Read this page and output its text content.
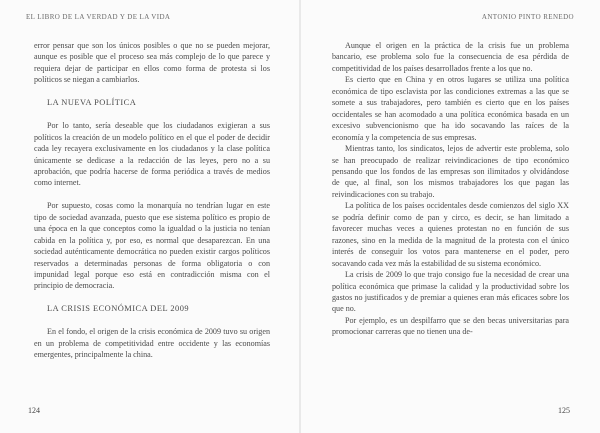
EL LIBRO DE LA VERDAD Y DE LA VIDA

error pensar que son los únicos posibles o que no se pueden mejorar, aunque es posible que el proceso sea más complejo de lo que parece y requiera dejar de participar en ellos como forma de protesta si los políticos se niegan a cambiarlos.

LA NUEVA POLÍTICA

Por lo tanto, sería deseable que los ciudadanos exigieran a sus políticos la creación de un modelo político en el que el poder de decidir cada ley recayera exclusivamente en los ciudadanos y la clase política únicamente se dedicase a la redacción de las leyes, pero no a su aprobación, que podría hacerse de forma periódica a través de medios como internet.

Por supuesto, cosas como la monarquía no tendrían lugar en este tipo de sociedad avanzada, puesto que ese sistema político es propio de una época en la que conceptos como la igualdad o la justicia no tenían cabida en la política y, por eso, es normal que desaparezcan. En una sociedad auténticamente democrática no pueden existir cargos políticos reservados a determinadas personas de forma obligatoria o con impunidad legal porque eso está en contradicción misma con el principio de democracia.

LA CRISIS ECONÓMICA DEL 2009

En el fondo, el origen de la crisis económica de 2009 tuvo su origen en un problema de competitividad entre occidente y las economías emergentes, principalmente la china.

124
ANTONIO PINTO RENEDO

Aunque el origen en la práctica de la crisis fue un problema bancario, ese problema solo fue la consecuencia de esa pérdida de competitividad de los países desarrollados frente a los que no.

Es cierto que en China y en otros lugares se utiliza una política económica de tipo esclavista por las condiciones extremas a las que se somete a sus trabajadores, pero también es cierto que en los países occidentales se han acomodado a una política económica basada en un excesivo subvencionismo que ha ido socavando las raíces de la economía y la competencia de sus empresas.

Mientras tanto, los sindicatos, lejos de advertir este problema, solo se han preocupado de realizar reivindicaciones de tipo económico pensando que los fondos de las empresas son ilimitados y olvidándose de que, al final, son los mismos trabajadores los que pagan las reivindicaciones con su trabajo.

La política de los países occidentales desde comienzos del siglo XX se podría definir como de pan y circo, es decir, se han limitado a favorecer muchas veces a quienes protestan no en función de sus razones, sino en la medida de la magnitud de la protesta con el único interés de conseguir los votos para mantenerse en el poder, pero socavando cada vez más la estabilidad de su sistema económico.

La crisis de 2009 lo que trajo consigo fue la necesidad de crear una política económica que primase la calidad y la productividad sobre los gastos no justificados y de premiar a quienes eran más eficaces sobre los que no.

Por ejemplo, es un despilfarro que se den becas universitarias para promocionar carreras que no tienen una de-

125
